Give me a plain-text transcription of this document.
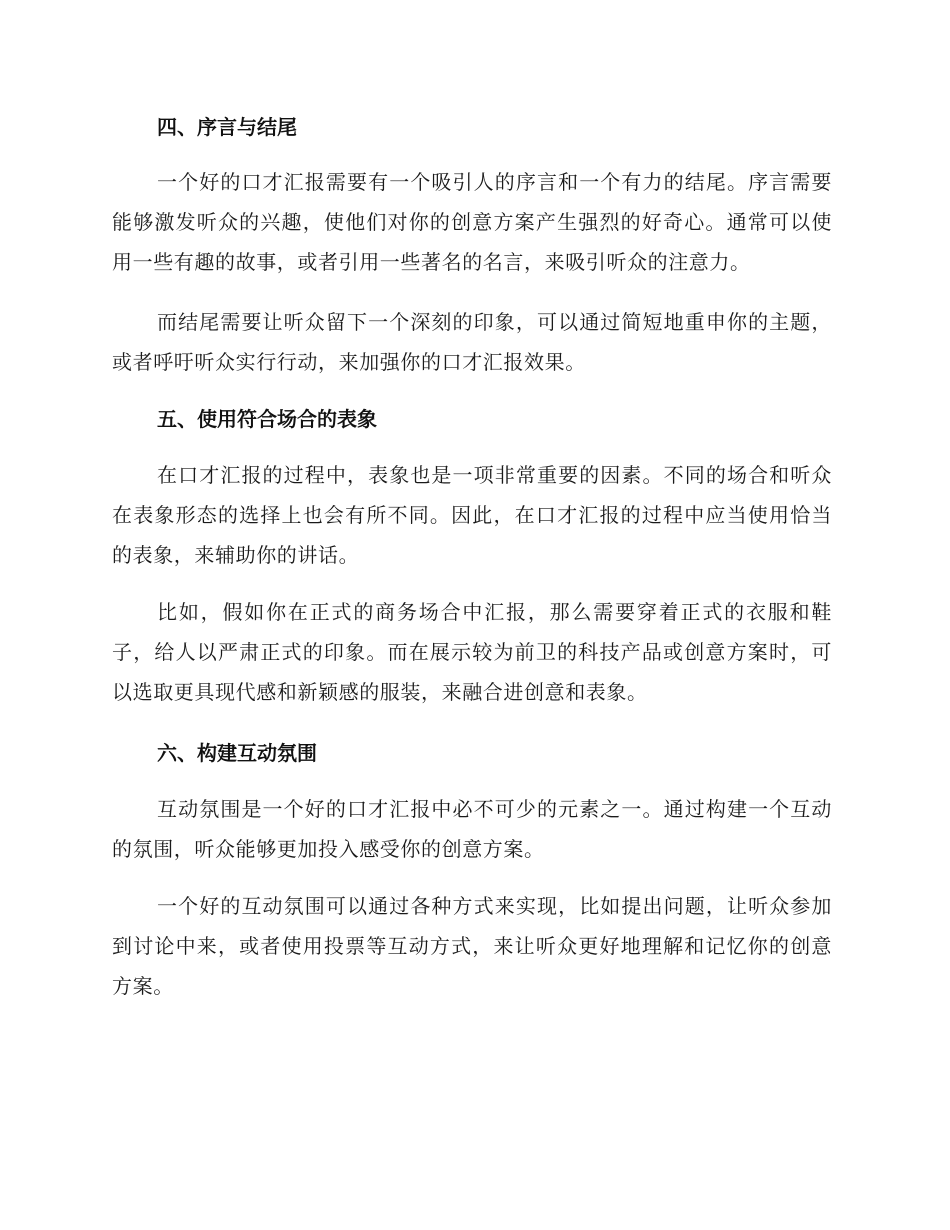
四、序言与结尾

一个好的口才汇报需要有一个吸引人的序言和一个有力的结尾。序言需要能够激发听众的兴趣，使他们对你的创意方案产生强烈的好奇心。通常可以使用一些有趣的故事，或者引用一些著名的名言，来吸引听众的注意力。

而结尾需要让听众留下一个深刻的印象，可以通过简短地重申你的主题，或者呼吁听众实行行动，来加强你的口才汇报效果。

五、使用符合场合的表象

在口才汇报的过程中，表象也是一项非常重要的因素。不同的场合和听众在表象形态的选择上也会有所不同。因此，在口才汇报的过程中应当使用恰当的表象，来辅助你的讲话。

比如，假如你在正式的商务场合中汇报，那么需要穿着正式的衣服和鞋子，给人以严肃正式的印象。而在展示较为前卫的科技产品或创意方案时，可以选取更具现代感和新颖感的服装，来融合进创意和表象。

六、构建互动氛围

互动氛围是一个好的口才汇报中必不可少的元素之一。通过构建一个互动的氛围，听众能够更加投入感受你的创意方案。

一个好的互动氛围可以通过各种方式来实现，比如提出问题，让听众参加到讨论中来，或者使用投票等互动方式，来让听众更好地理解和记忆你的创意方案。
